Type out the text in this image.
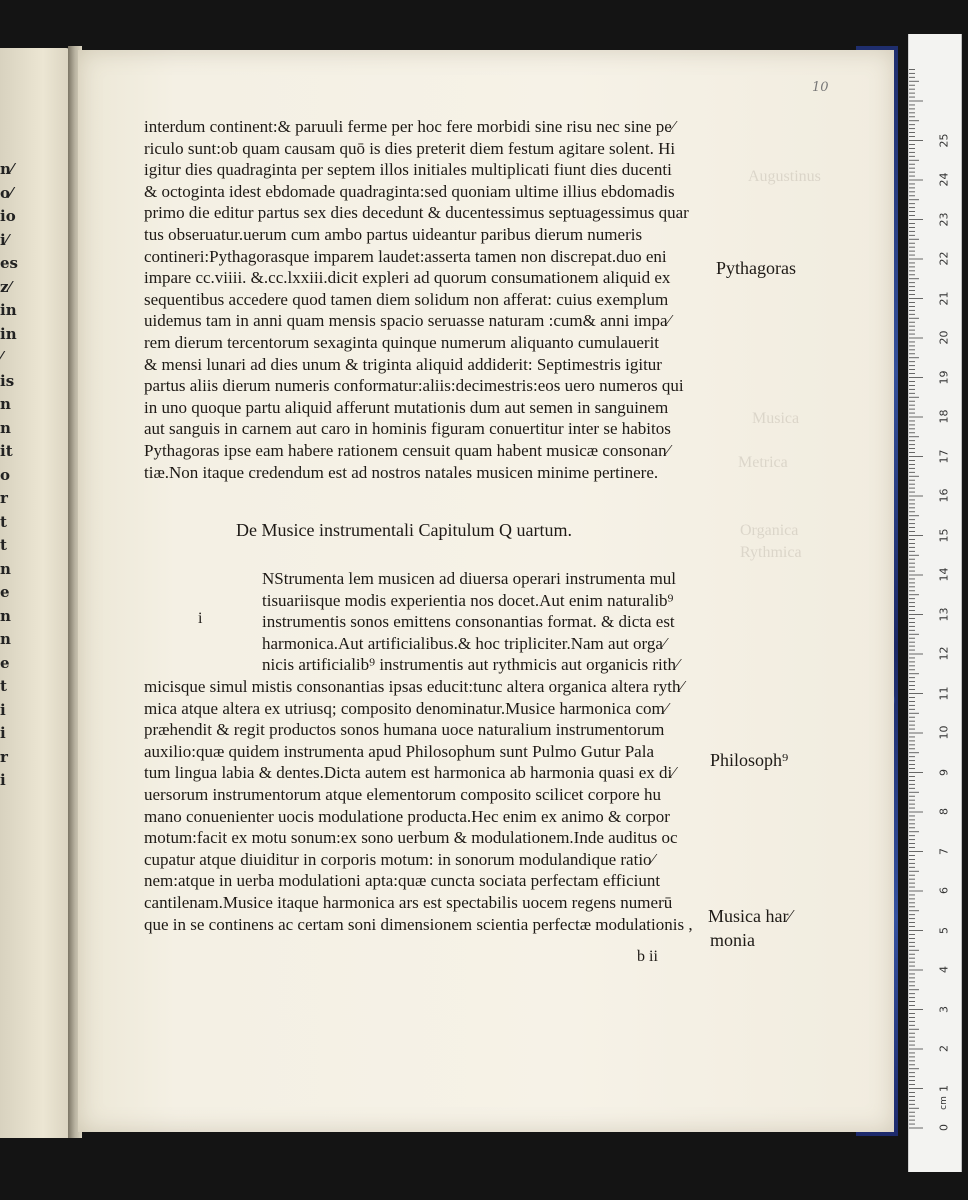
n⁄
o⁄
io
i⁄
es
z⁄
in
in
⁄
is
n
n
it
o
r
t
t
n
e
n
n
e
t
i
i
r
i
10
Augustinus
Musica
Metrica
Organica
Rythmica
interdum continent:& paruuli ferme per hoc fere morbidi sine risu nec sine pe⁄
riculo sunt:ob quam causam quō is dies preterit diem festum agitare solent. Hi
igitur dies quadraginta per septem illos initiales multiplicati fiunt dies ducenti
& octoginta idest ebdomade quadraginta:sed quoniam ultime illius ebdomadis
primo die editur partus sex dies decedunt & ducentessimus septuagessimus quar
tus obseruatur.uerum cum ambo partus uideantur paribus dierum numeris
contineri:Pythagorasque imparem laudet:asserta tamen non discrepat.duo eni
impare cc.viiii. &.cc.lxxiii.dicit expleri ad quorum consumationem aliquid ex
sequentibus accedere quod tamen diem solidum non afferat: cuius exemplum
uidemus tam in anni quam mensis spacio seruasse naturam :cum& anni impa⁄
rem dierum tercentorum sexaginta quinque numerum aliquanto cumulauerit
& mensi lunari ad dies unum & triginta aliquid addiderit: Septimestris igitur
partus aliis dierum numeris conformatur:aliis:decimestris:eos uero numeros qui
in uno quoque partu aliquid afferunt mutationis dum aut semen in sanguinem
aut sanguis in carnem aut caro in hominis figuram conuertitur inter se habitos
Pythagoras ipse eam habere rationem censuit quam habent musicæ consonan⁄
tiæ.Non itaque credendum est ad nostros natales musicen minime pertinere.
De Musice instrumentali Capitulum Q uartum.
i
NStrumenta lem musicen ad diuersa operari instrumenta mul
tisuariisque modis experientia nos docet.Aut enim naturalib⁹
instrumentis sonos emittens consonantias format. & dicta est
harmonica.Aut artificialibus.& hoc tripliciter.Nam aut orga⁄
nicis artificialib⁹ instrumentis aut rythmicis aut organicis rith⁄
micisque simul mistis consonantias ipsas educit:tunc altera organica altera ryth⁄
mica atque altera ex utriusq; composito denominatur.Musice harmonica com⁄
præhendit & regit productos sonos humana uoce naturalium instrumentorum
auxilio:quæ quidem instrumenta apud Philosophum sunt Pulmo Gutur Pala
tum lingua labia & dentes.Dicta autem est harmonica ab harmonia quasi ex di⁄
uersorum instrumentorum atque elementorum composito scilicet corpore hu
mano conuenienter uocis modulatione producta.Hec enim ex animo & corpor
motum:facit ex motu sonum:ex sono uerbum & modulationem.Inde auditus oc
cupatur atque diuiditur in corporis motum: in sonorum modulandique ratio⁄
nem:atque in uerba modulationi apta:quæ cuncta sociata perfectam efficiunt
cantilenam.Musice itaque harmonica ars est spectabilis uocem regens numerū
que in se continens ac certam soni dimensionem scientia perfectæ modulationis ,
b ii
Pythagoras
Philosoph⁹
Musica har⁄
monia
0
1
2
3
4
5
6
7
8
9
10
11
12
13
14
15
16
17
18
19
20
21
22
23
24
25
cm
